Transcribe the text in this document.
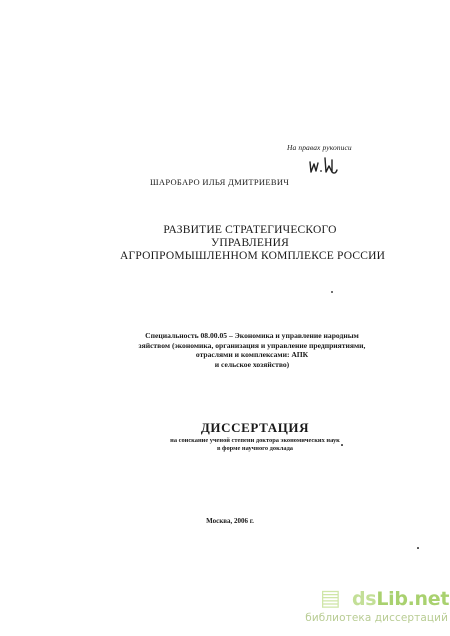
На правах рукописи
ШАРОБАРО ИЛЬЯ ДМИТРИЕВИЧ
РАЗВИТИЕ СТРАТЕГИЧЕСКОГО
УПРАВЛЕНИЯ
АГРОПРОМЫШЛЕННОМ КОМПЛЕКСЕ РОССИИ
Специальность 08.00.05 – Экономика и управление народным
зяйством (экономика, организация и управление предприятиями,
отраслями и комплексами: АПК
и сельское хозяйство)
ДИССЕРТАЦИЯ
на соискание ученой степени доктора экономических наук
в форме научного доклада
Москва, 2006 г.
▤ dsLib.net
библиотека диссертаций
